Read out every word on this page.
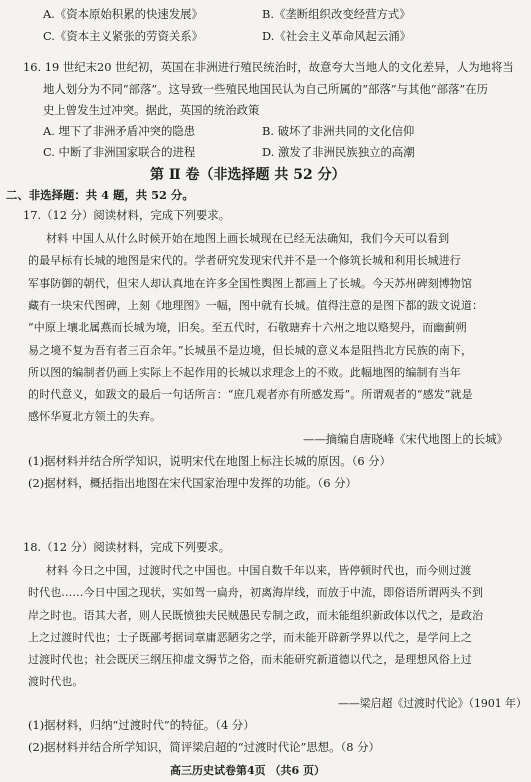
A.《资本原始积累的快速发展》	B.《垄断组织改变经营方式》
C.《资本主义紧张的劳资关系》	D.《社会主义革命风起云涌》
16. 19 世纪末20 世纪初，英国在非洲进行殖民统治时，故意夸大当地人的文化差异，人为地将当
地人划分为不同“部落”。这导致一些殖民地国民认为自己所属的“部落”与其他“部落”在历
史上曾发生过冲突。据此，英国的统治政策
A. 埋下了非洲矛盾冲突的隐患	B. 破坏了非洲共同的文化信仰
C. 中断了非洲国家联合的进程	D. 激发了非洲民族独立的高潮
第 Ⅱ 卷（非选择题 共 52 分）
二、非选择题：共 4 题，共 52 分。
17.（12 分）阅读材料，完成下列要求。
材料 中国人从什么时候开始在地图上画长城现在已经无法确知，我们今天可以看到
的最早标有长城的地图是宋代的。学者研究发现宋代并不是一个修筑长城和利用长城进行
军事防御的朝代，但宋人却认真地在许多全国性舆图上都画上了长城。今天苏州碑刻博物馆
藏有一块宋代图碑，上刻《地理图》一幅，图中就有长城。值得注意的是图下都的跋文说道：
“中原上壤北属燕而长城为境，旧矣。至五代时，石敬瑭弃十六州之地以赂契丹，而幽蓟朔
易之境不复为吾有者三百余年。”长城虽不是边境，但长城的意义本是阻挡北方民族的南下，
所以图的编制者仍画上实际上不起作用的长城以求理念上的不败。此幅地图的编制有当年
的时代意义，如跋文的最后一句话所言：“庶几观者亦有所感发焉”。所谓观者的“感发”就是
感怀华夏北方领土的失弃。
——摘编自唐晓峰《宋代地图上的长城》
(1)据材料并结合所学知识，说明宋代在地图上标注长城的原因。（6 分）
(2)据材料，概括指出地图在宋代国家治理中发挥的功能。（6 分）
18.（12 分）阅读材料，完成下列要求。
材料 今日之中国，过渡时代之中国也。中国自数千年以来，皆停顿时代也，而今则过渡
时代也……今日中国之现状，实如驾一扁舟，初离海岸线，而放于中流，即俗语所谓两头不到
岸之时也。语其大者，则人民既愤独夫民贼愚民专制之政，而未能组织新政体以代之，是政治
上之过渡时代也；士子既鄙考据词章庸恶陋劣之学，而未能开辟新学界以代之，是学问上之
过渡时代也；社会既厌三纲压抑虚文缛节之俗，而未能研究新道德以代之，是理想风俗上过
渡时代也。
——梁启超《过渡时代论》（1901 年）
(1)据材料，归纳“过渡时代”的特征。（4 分）
(2)据材料并结合所学知识，简评梁启超的“过渡时代论”思想。（8 分）
高三历史试卷第4页 （共6 页）
